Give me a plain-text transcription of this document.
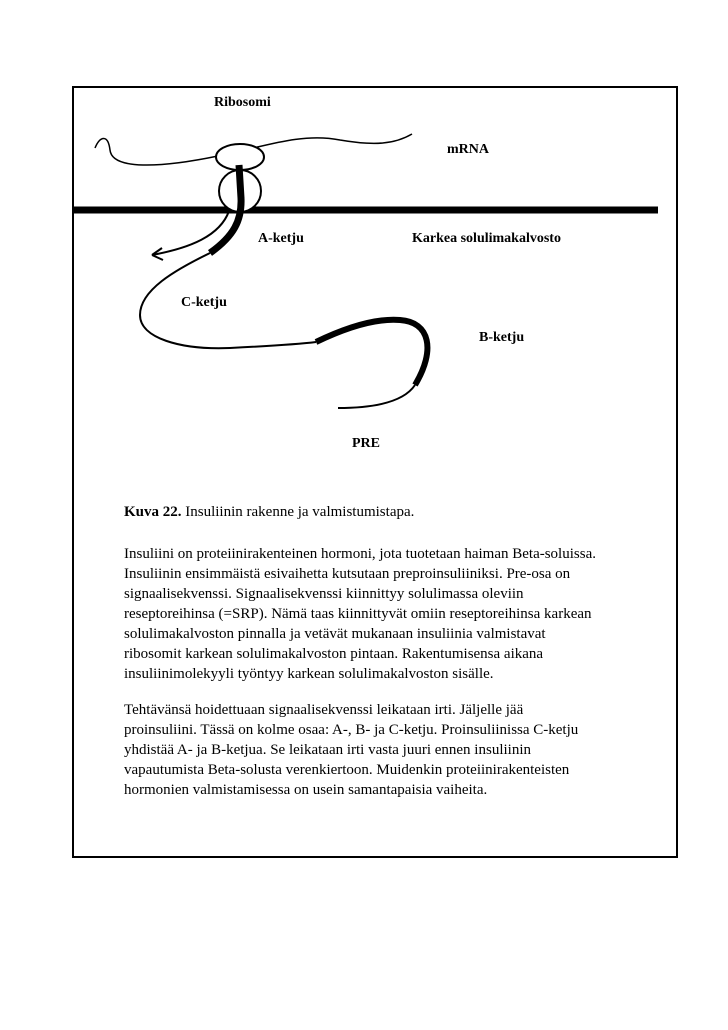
Ribosomi
mRNA
A-ketju	Karkea solulimakalvosto
C-ketju
B-ketju
PRE
Kuva 22. Insuliinin rakenne ja valmistumistapa.
Insuliini on proteiinirakenteinen hormoni, jota tuotetaan haiman Beta-soluissa.
Insuliinin ensimmäistä esivaihetta kutsutaan preproinsuliiniksi. Pre-osa on
signaalisekvenssi. Signaalisekvenssi kiinnittyy solulimassa oleviin
reseptoreihinsa (=SRP). Nämä taas kiinnittyvät omiin reseptoreihinsa karkean
solulimakalvoston pinnalla ja vetävät mukanaan insuliinia valmistavat
ribosomit karkean solulimakalvoston pintaan. Rakentumisensa aikana
insuliinimolekyyli työntyy karkean solulimakalvoston sisälle.
Tehtävänsä hoidettuaan signaalisekvenssi leikataan irti. Jäljelle jää
proinsuliini. Tässä on kolme osaa: A-, B- ja C-ketju. Proinsuliinissa C-ketju
yhdistää A- ja B-ketjua. Se leikataan irti vasta juuri ennen insuliinin
vapautumista Beta-solusta verenkiertoon. Muidenkin proteiinirakenteisten
hormonien valmistamisessa on usein samantapaisia vaiheita.
